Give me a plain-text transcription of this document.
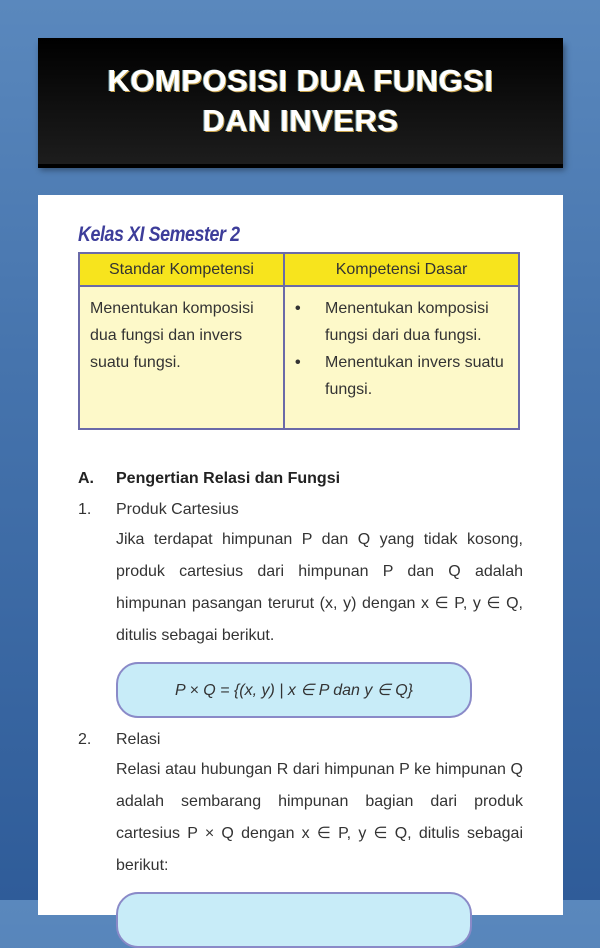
KOMPOSISI DUA FUNGSI
DAN INVERS
Kelas XI Semester 2
Standar Kompetensi	Kompetensi Dasar
Menentukan komposisi dua fungsi dan invers suatu fungsi.	• Menentukan komposisi fungsi dari dua fungsi.
• Menentukan invers suatu fungsi.
A.	Pengertian Relasi dan Fungsi
1.	Produk Cartesius
Jika terdapat himpunan P dan Q yang tidak kosong, produk cartesius dari himpunan P dan Q adalah himpunan pasangan terurut (x, y) dengan x ∈ P, y ∈ Q, ditulis sebagai berikut.
P × Q = {(x, y) | x ∈ P dan y ∈ Q}
2.	Relasi
Relasi atau hubungan R dari himpunan P ke himpunan Q adalah sembarang himpunan bagian dari produk cartesius P × Q dengan x ∈ P, y ∈ Q, ditulis sebagai berikut:
